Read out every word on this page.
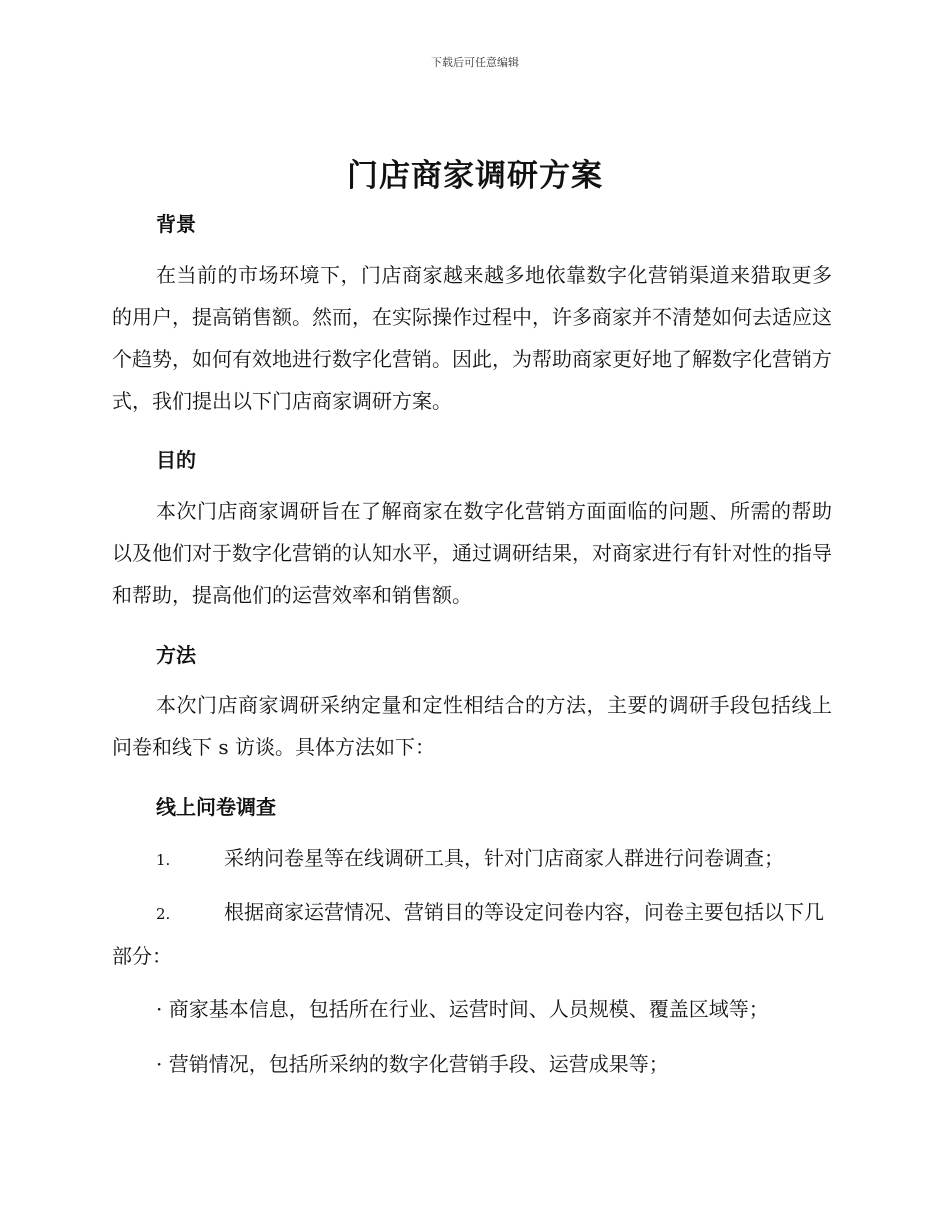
下载后可任意编辑
门店商家调研方案
背景

在当前的市场环境下，门店商家越来越多地依靠数字化营销渠道来猎取更多的用户，提高销售额。然而，在实际操作过程中，许多商家并不清楚如何去适应这个趋势，如何有效地进行数字化营销。因此，为帮助商家更好地了解数字化营销方式，我们提出以下门店商家调研方案。

目的

本次门店商家调研旨在了解商家在数字化营销方面面临的问题、所需的帮助以及他们对于数字化营销的认知水平，通过调研结果，对商家进行有针对性的指导和帮助，提高他们的运营效率和销售额。

方法

本次门店商家调研采纳定量和定性相结合的方法，主要的调研手段包括线上问卷和线下 s 访谈。具体方法如下：

线上问卷调查

1.	采纳问卷星等在线调研工具，针对门店商家人群进行问卷调查；

2.	根据商家运营情况、营销目的等设定问卷内容，问卷主要包括以下几部分：

· 商家基本信息，包括所在行业、运营时间、人员规模、覆盖区域等；

· 营销情况，包括所采纳的数字化营销手段、运营成果等；
